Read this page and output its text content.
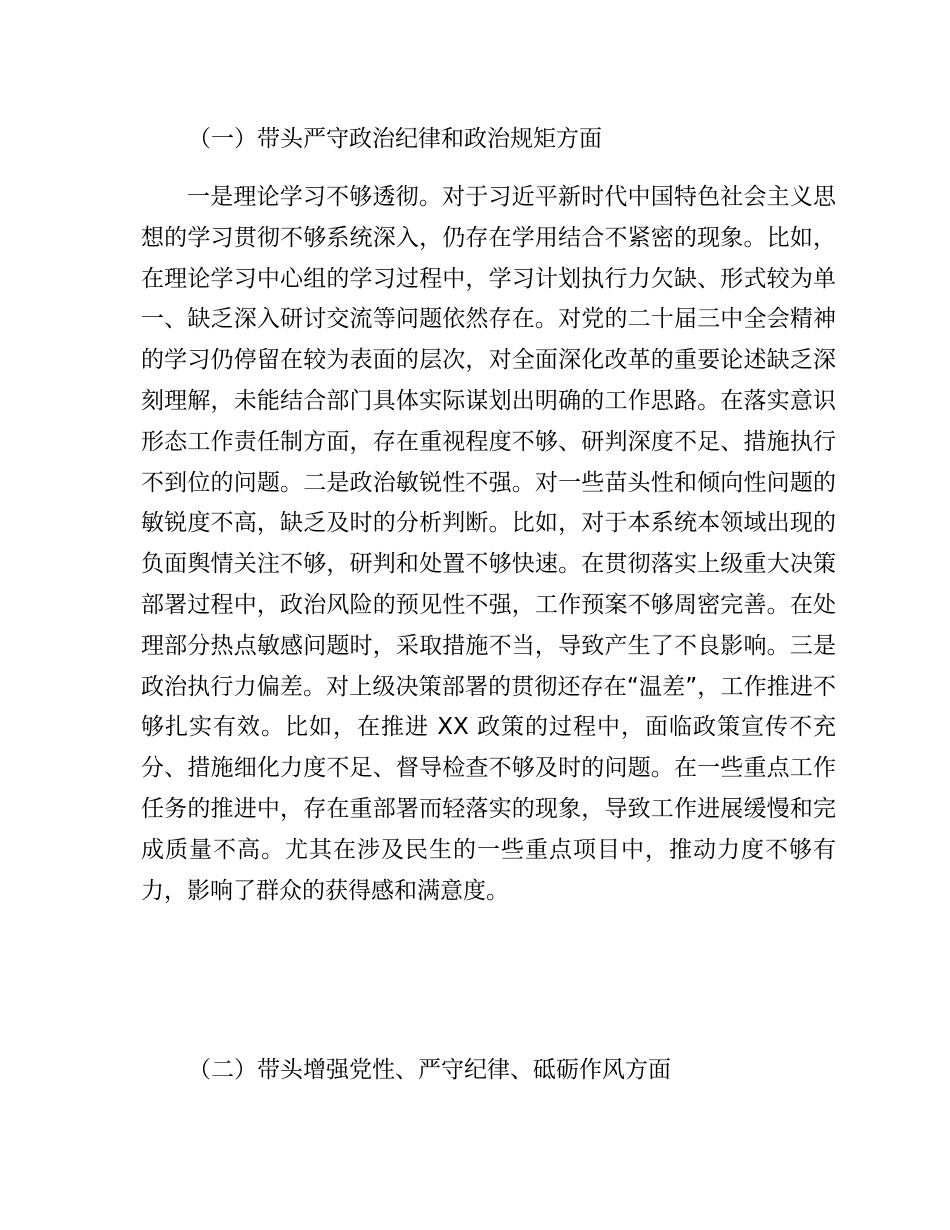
（一）带头严守政治纪律和政治规矩方面

一是理论学习不够透彻。对于习近平新时代中国特色社会主义思想的学习贯彻不够系统深入，仍存在学用结合不紧密的现象。比如，在理论学习中心组的学习过程中，学习计划执行力欠缺、形式较为单一、缺乏深入研讨交流等问题依然存在。对党的二十届三中全会精神的学习仍停留在较为表面的层次，对全面深化改革的重要论述缺乏深刻理解，未能结合部门具体实际谋划出明确的工作思路。在落实意识形态工作责任制方面，存在重视程度不够、研判深度不足、措施执行不到位的问题。二是政治敏锐性不强。对一些苗头性和倾向性问题的敏锐度不高，缺乏及时的分析判断。比如，对于本系统本领域出现的负面舆情关注不够，研判和处置不够快速。在贯彻落实上级重大决策部署过程中，政治风险的预见性不强，工作预案不够周密完善。在处理部分热点敏感问题时，采取措施不当，导致产生了不良影响。三是政治执行力偏差。对上级决策部署的贯彻还存在“温差”，工作推进不够扎实有效。比如，在推进 XX 政策的过程中，面临政策宣传不充分、措施细化力度不足、督导检查不够及时的问题。在一些重点工作任务的推进中，存在重部署而轻落实的现象，导致工作进展缓慢和完成质量不高。尤其在涉及民生的一些重点项目中，推动力度不够有力，影响了群众的获得感和满意度。

（二）带头增强党性、严守纪律、砥砺作风方面
